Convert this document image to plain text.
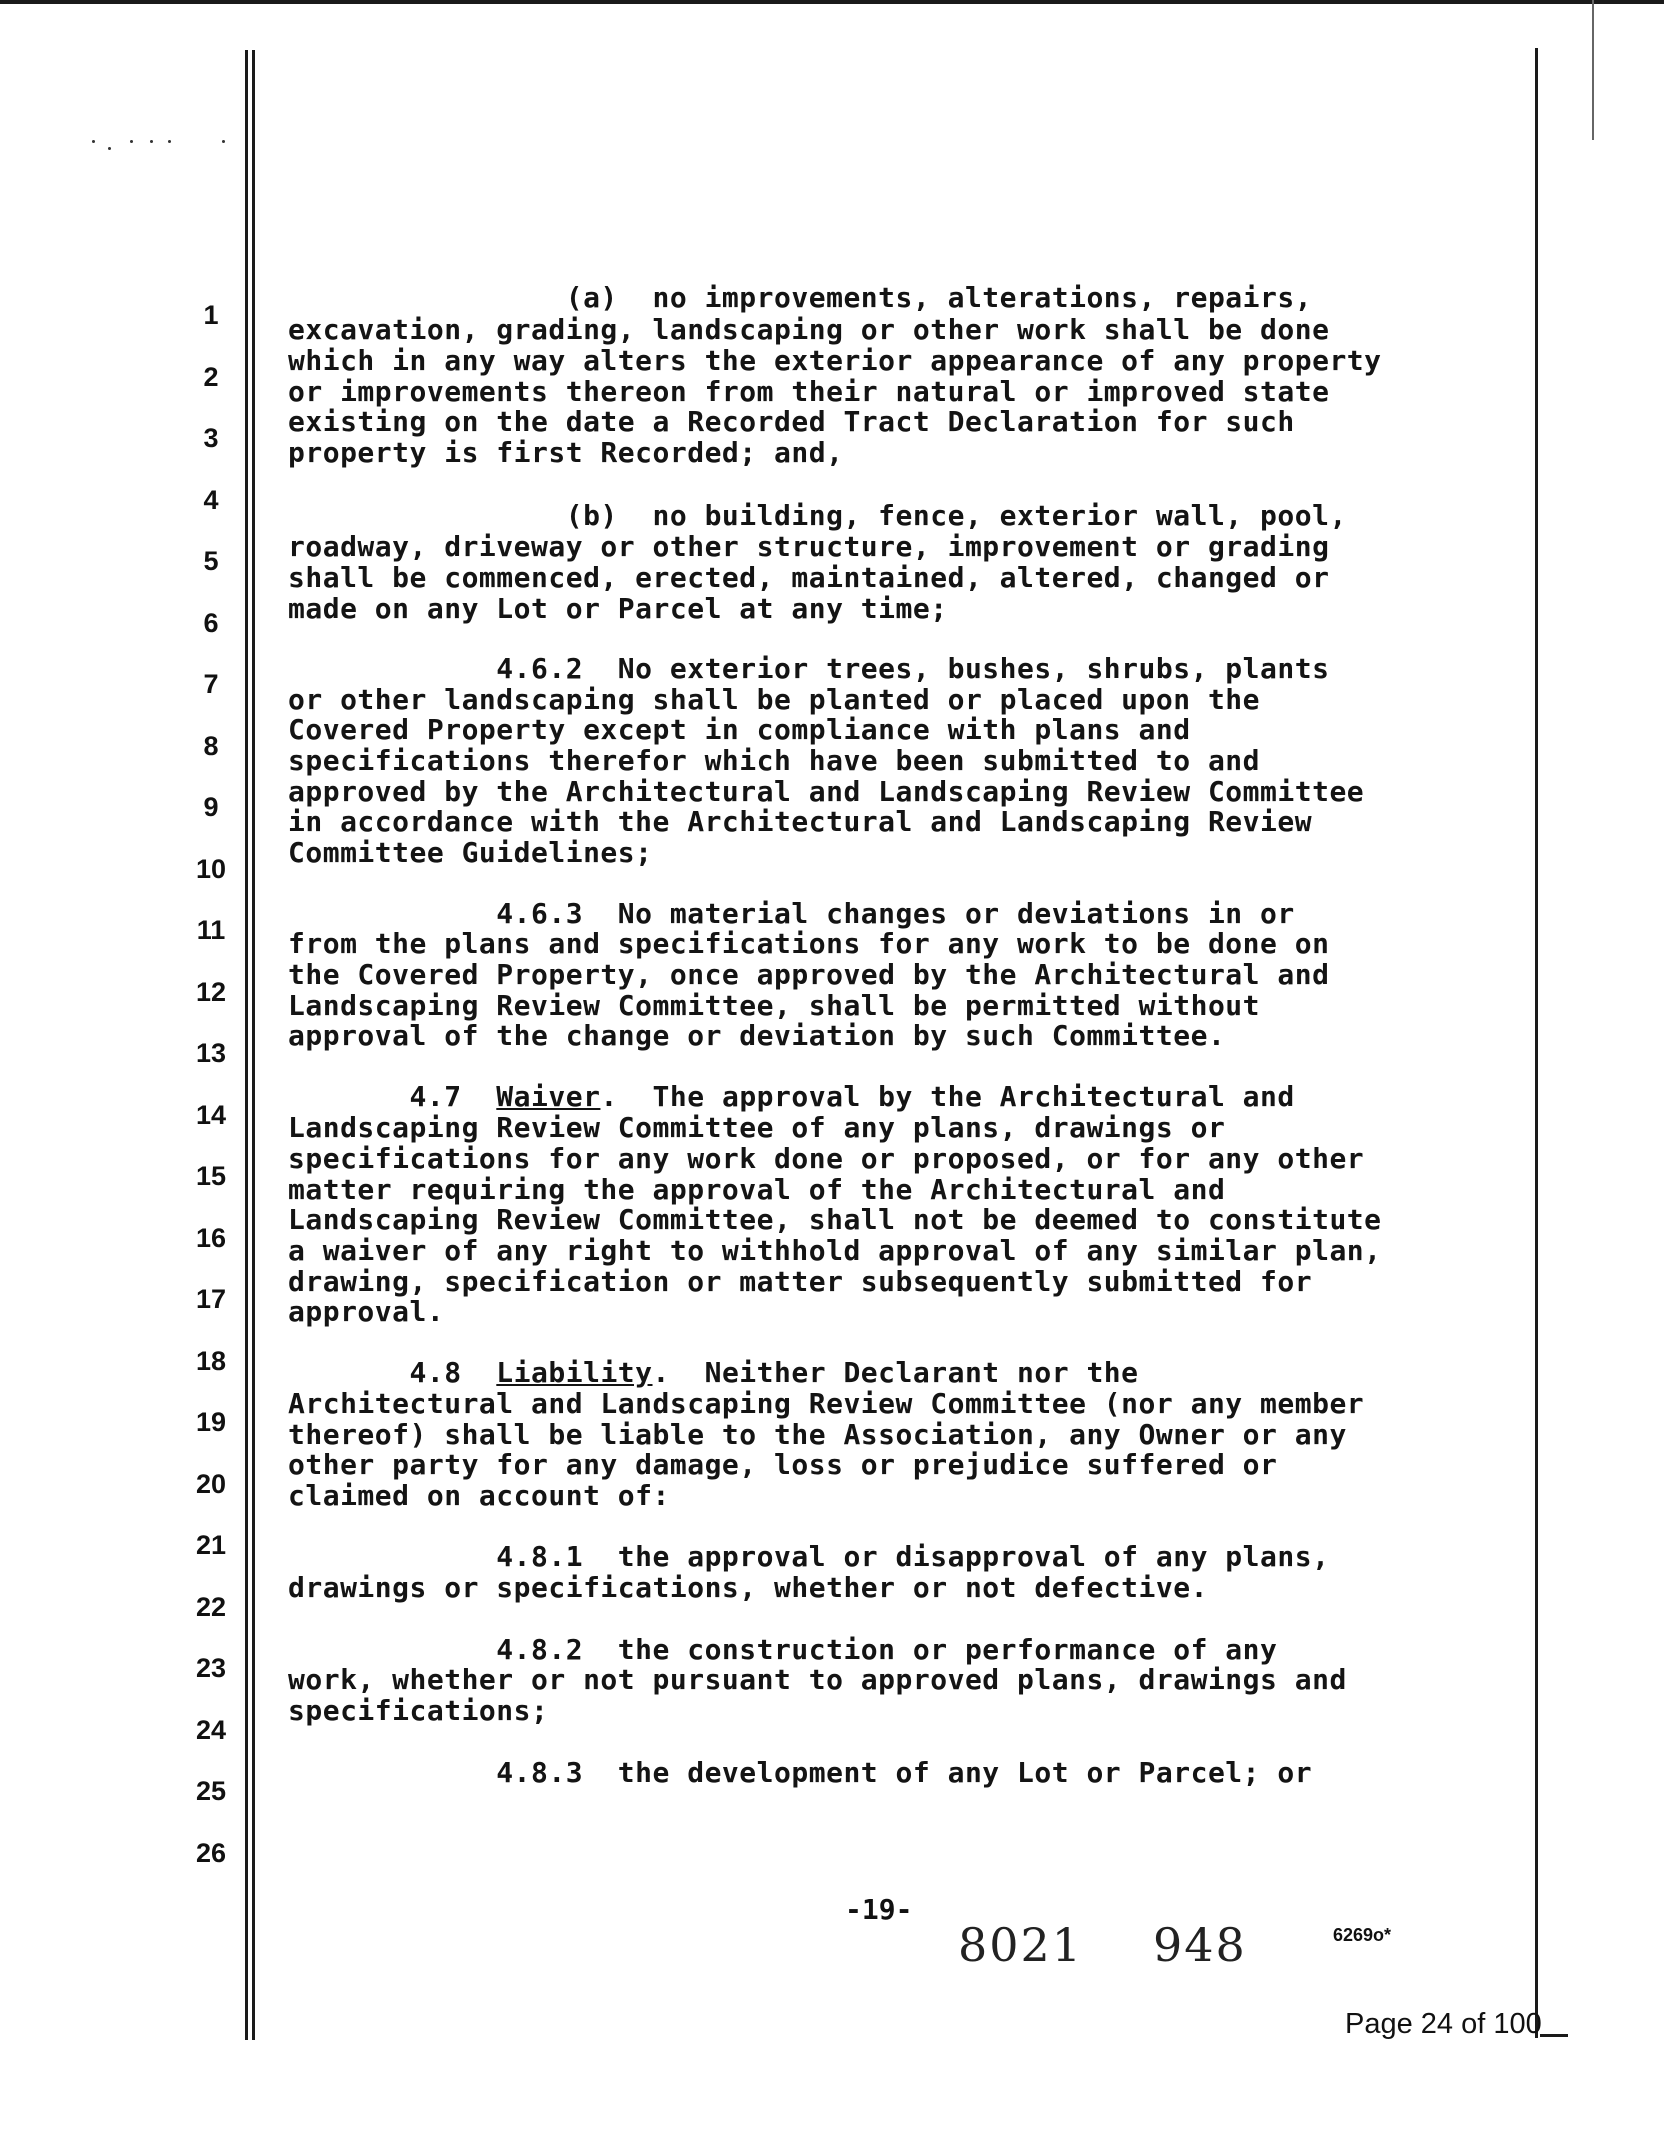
1
2
3
4
5
6
7
8
9
10
11
12
13
14
15
16
17
18
19
20
21
22
23
24
25
26
(a)  no improvements, alterations, repairs,
excavation, grading, landscaping or other work shall be done
which in any way alters the exterior appearance of any property
or improvements thereon from their natural or improved state
existing on the date a Recorded Tract Declaration for such
property is first Recorded; and,
(b)  no building, fence, exterior wall, pool,
roadway, driveway or other structure, improvement or grading
shall be commenced, erected, maintained, altered, changed or
made on any Lot or Parcel at any time;
4.6.2  No exterior trees, bushes, shrubs, plants
or other landscaping shall be planted or placed upon the
Covered Property except in compliance with plans and
specifications therefor which have been submitted to and
approved by the Architectural and Landscaping Review Committee
in accordance with the Architectural and Landscaping Review
Committee Guidelines;
4.6.3  No material changes or deviations in or
from the plans and specifications for any work to be done on
the Covered Property, once approved by the Architectural and
Landscaping Review Committee, shall be permitted without
approval of the change or deviation by such Committee.
4.7  Waiver.  The approval by the Architectural and
Landscaping Review Committee of any plans, drawings or
specifications for any work done or proposed, or for any other
matter requiring the approval of the Architectural and
Landscaping Review Committee, shall not be deemed to constitute
a waiver of any right to withhold approval of any similar plan,
drawing, specification or matter subsequently submitted for
approval.
4.8  Liability.  Neither Declarant nor the
Architectural and Landscaping Review Committee (nor any member
thereof) shall be liable to the Association, any Owner or any
other party for any damage, loss or prejudice suffered or
claimed on account of:
4.8.1  the approval or disapproval of any plans,
drawings or specifications, whether or not defective.
4.8.2  the construction or performance of any
work, whether or not pursuant to approved plans, drawings and
specifications;
4.8.3  the development of any Lot or Parcel; or
-19-
8021 948	6269o*
Page 24 of 100
